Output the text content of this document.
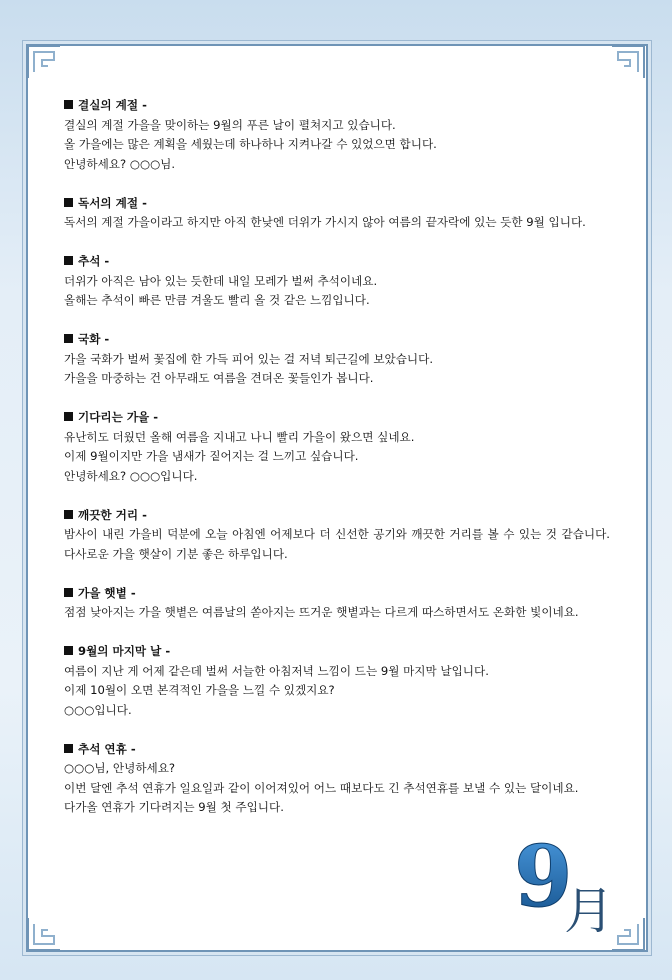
결실의 계절 -

결실의 계절 가을을 맞이하는 9월의 푸른 날이 펼쳐지고 있습니다.

올 가을에는 많은 계획을 세웠는데 하나하나 지켜나갈 수 있었으면 합니다.

안녕하세요? ○○○님.

독서의 계절 -

독서의 계절 가을이라고 하지만 아직 한낮엔 더위가 가시지 않아 여름의 끝자락에 있는 듯한 9월 입니다.

추석 -

더위가 아직은 남아 있는 듯한데 내일 모레가 벌써 추석이네요.

올해는 추석이 빠른 만큼 겨울도 빨리 올 것 같은 느낌입니다.

국화 -

가을 국화가 벌써 꽃집에 한 가득 피어 있는 걸 저녁 퇴근길에 보았습니다.

가을을 마중하는 건 아무래도 여름을 견뎌온 꽃들인가 봅니다.

기다리는 가을 -

유난히도 더웠던 올해 여름을 지내고 나니 빨리 가을이 왔으면 싶네요.

이제 9월이지만 가을 냄새가 짙어지는 걸 느끼고 싶습니다.

안녕하세요? ○○○입니다.

깨끗한 거리 -

밤사이 내린 가을비 덕분에 오늘 아침엔 어제보다 더 신선한 공기와 깨끗한 거리를 볼 수 있는 것 같습니다. 다사로운 가을 햇살이 기분 좋은 하루입니다.

가을 햇볕 -

점점 낮아지는 가을 햇볕은 여름날의 쏟아지는 뜨거운 햇볕과는 다르게 따스하면서도 온화한 빛이네요.

9월의 마지막 날 -

여름이 지난 게 어제 같은데 벌써 서늘한 아침저녁 느낌이 드는 9월 마지막 날입니다.

이제 10월이 오면 본격적인 가을을 느낄 수 있겠지요?

○○○입니다.

추석 연휴 -

○○○님, 안녕하세요?

이번 달엔 추석 연휴가 일요일과 같이 이어져있어 어느 때보다도 긴 추석연휴를 보낼 수 있는 달이네요.

다가올 연휴가 기다려지는 9월 첫 주입니다.

9
月
